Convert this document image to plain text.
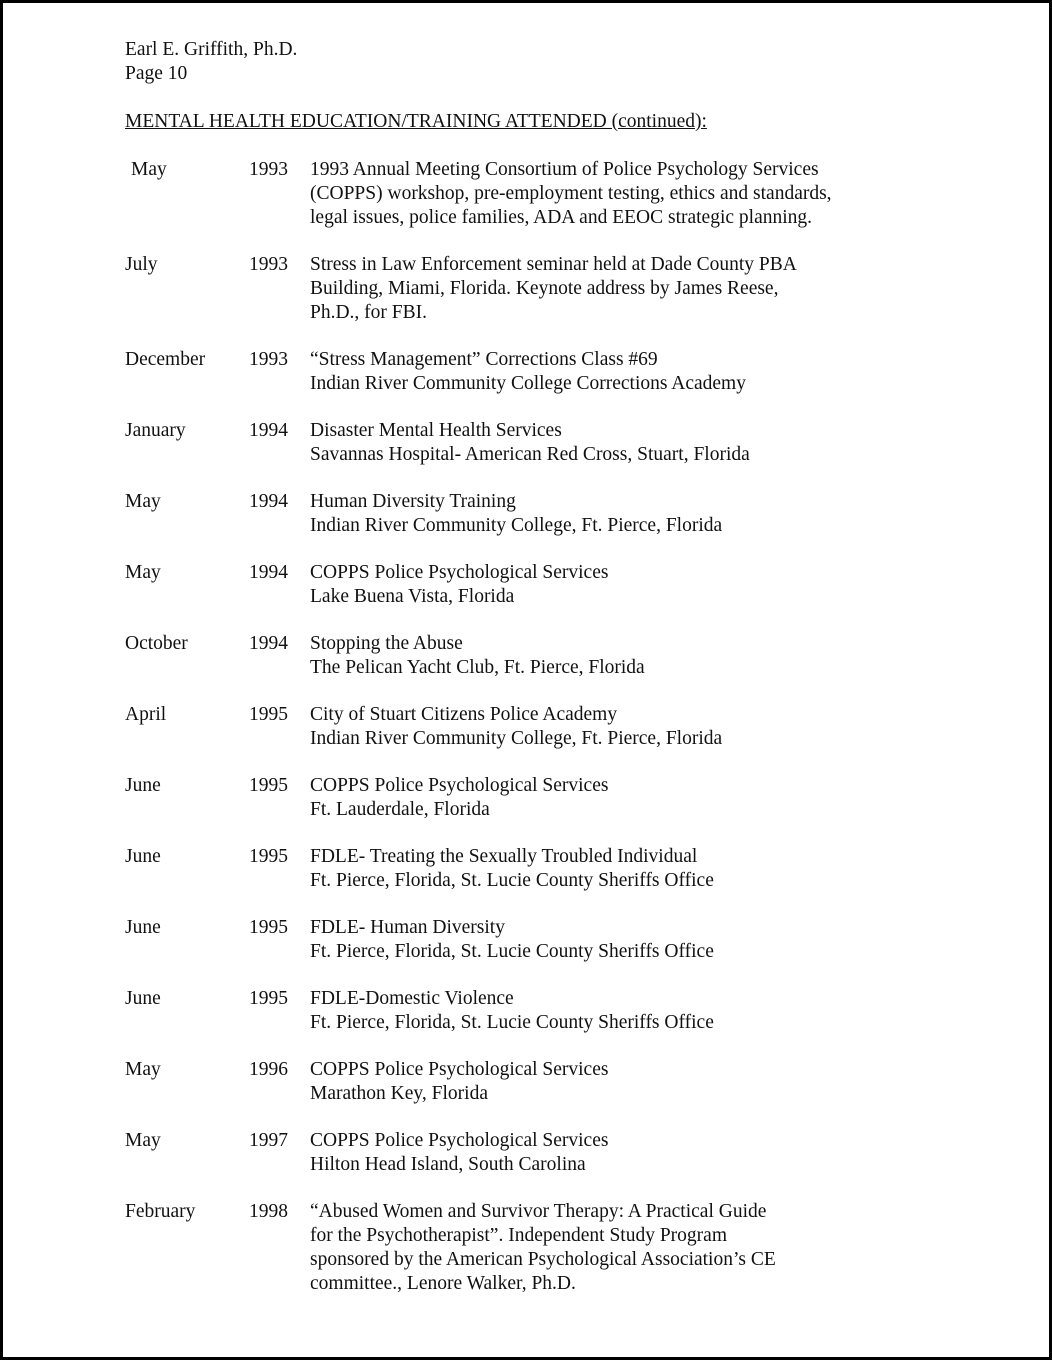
Earl E. Griffith, Ph.D.
Page 10
MENTAL HEALTH EDUCATION/TRAINING ATTENDED (continued):
May	1993	1993 Annual Meeting Consortium of Police Psychology Services
(COPPS) workshop, pre-employment testing, ethics and standards,
legal issues, police families, ADA and EEOC strategic planning.
July	1993	Stress in Law Enforcement seminar held at Dade County PBA
Building, Miami, Florida. Keynote address by James Reese,
Ph.D., for FBI.
December	1993	“Stress Management” Corrections Class #69
Indian River Community College Corrections Academy
January	1994	Disaster Mental Health Services
Savannas Hospital- American Red Cross, Stuart, Florida
May	1994	Human Diversity Training
Indian River Community College, Ft. Pierce, Florida
May	1994	COPPS Police Psychological Services
Lake Buena Vista, Florida
October	1994	Stopping the Abuse
The Pelican Yacht Club, Ft. Pierce, Florida
April	1995	City of Stuart Citizens Police Academy
Indian River Community College, Ft. Pierce, Florida
June	1995	COPPS Police Psychological Services
Ft. Lauderdale, Florida
June	1995	FDLE- Treating the Sexually Troubled Individual
Ft. Pierce, Florida, St. Lucie County Sheriffs Office
June	1995	FDLE- Human Diversity
Ft. Pierce, Florida, St. Lucie County Sheriffs Office
June	1995	FDLE-Domestic Violence
Ft. Pierce, Florida, St. Lucie County Sheriffs Office
May	1996	COPPS Police Psychological Services
Marathon Key, Florida
May	1997	COPPS Police Psychological Services
Hilton Head Island, South Carolina
February	1998	“Abused Women and Survivor Therapy: A Practical Guide
for the Psychotherapist”. Independent Study Program
sponsored by the American Psychological Association’s CE
committee., Lenore Walker, Ph.D.
